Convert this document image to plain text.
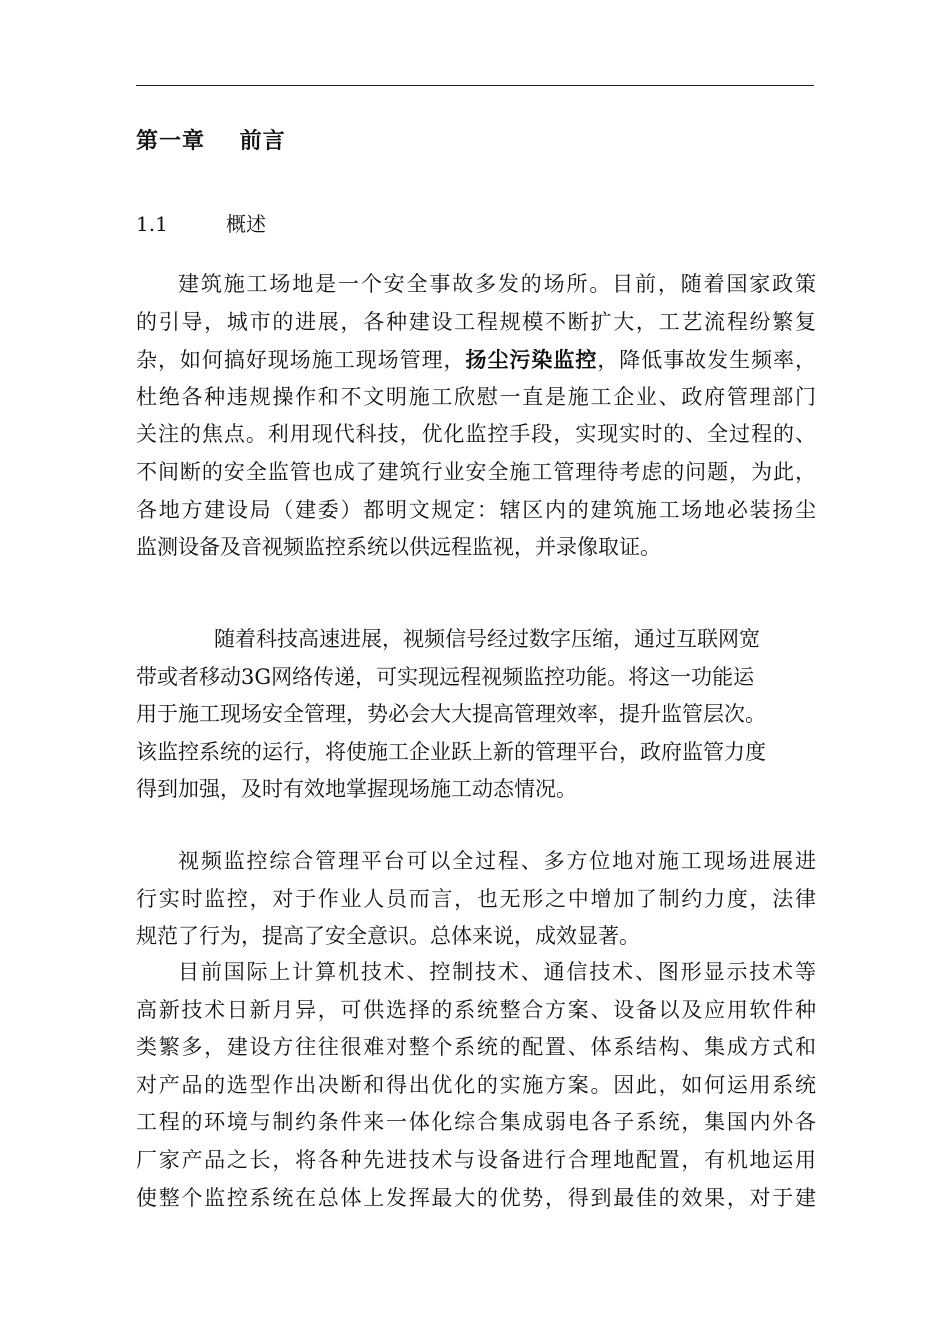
第一章    前言
1.1	概述
建筑施工场地是一个安全事故多发的场所。目前，随着国家政策
的引导，城市的进展，各种建设工程规模不断扩大，工艺流程纷繁复
杂，如何搞好现场施工现场管理，扬尘污染监控，降低事故发生频率，
杜绝各种违规操作和不文明施工欣慰一直是施工企业、政府管理部门
关注的焦点。利用现代科技，优化监控手段，实现实时的、全过程的、
不间断的安全监管也成了建筑行业安全施工管理待考虑的问题，为此，
各地方建设局（建委）都明文规定：辖区内的建筑施工场地必装扬尘
监测设备及音视频监控系统以供远程监视，并录像取证。
随着科技高速进展，视频信号经过数字压缩，通过互联网宽
带或者移动3G网络传递，可实现远程视频监控功能。将这一功能运
用于施工现场安全管理，势必会大大提高管理效率，提升监管层次。
该监控系统的运行，将使施工企业跃上新的管理平台，政府监管力度
得到加强，及时有效地掌握现场施工动态情况。
视频监控综合管理平台可以全过程、多方位地对施工现场进展进
行实时监控，对于作业人员而言，也无形之中增加了制约力度，法律
规范了行为，提高了安全意识。总体来说，成效显著。
目前国际上计算机技术、控制技术、通信技术、图形显示技术等
高新技术日新月异，可供选择的系统整合方案、设备以及应用软件种
类繁多，建设方往往很难对整个系统的配置、体系结构、集成方式和
对产品的选型作出决断和得出优化的实施方案。因此，如何运用系统
工程的环境与制约条件来一体化综合集成弱电各子系统，集国内外各
厂家产品之长，将各种先进技术与设备进行合理地配置，有机地运用
使整个监控系统在总体上发挥最大的优势，得到最佳的效果，对于建
